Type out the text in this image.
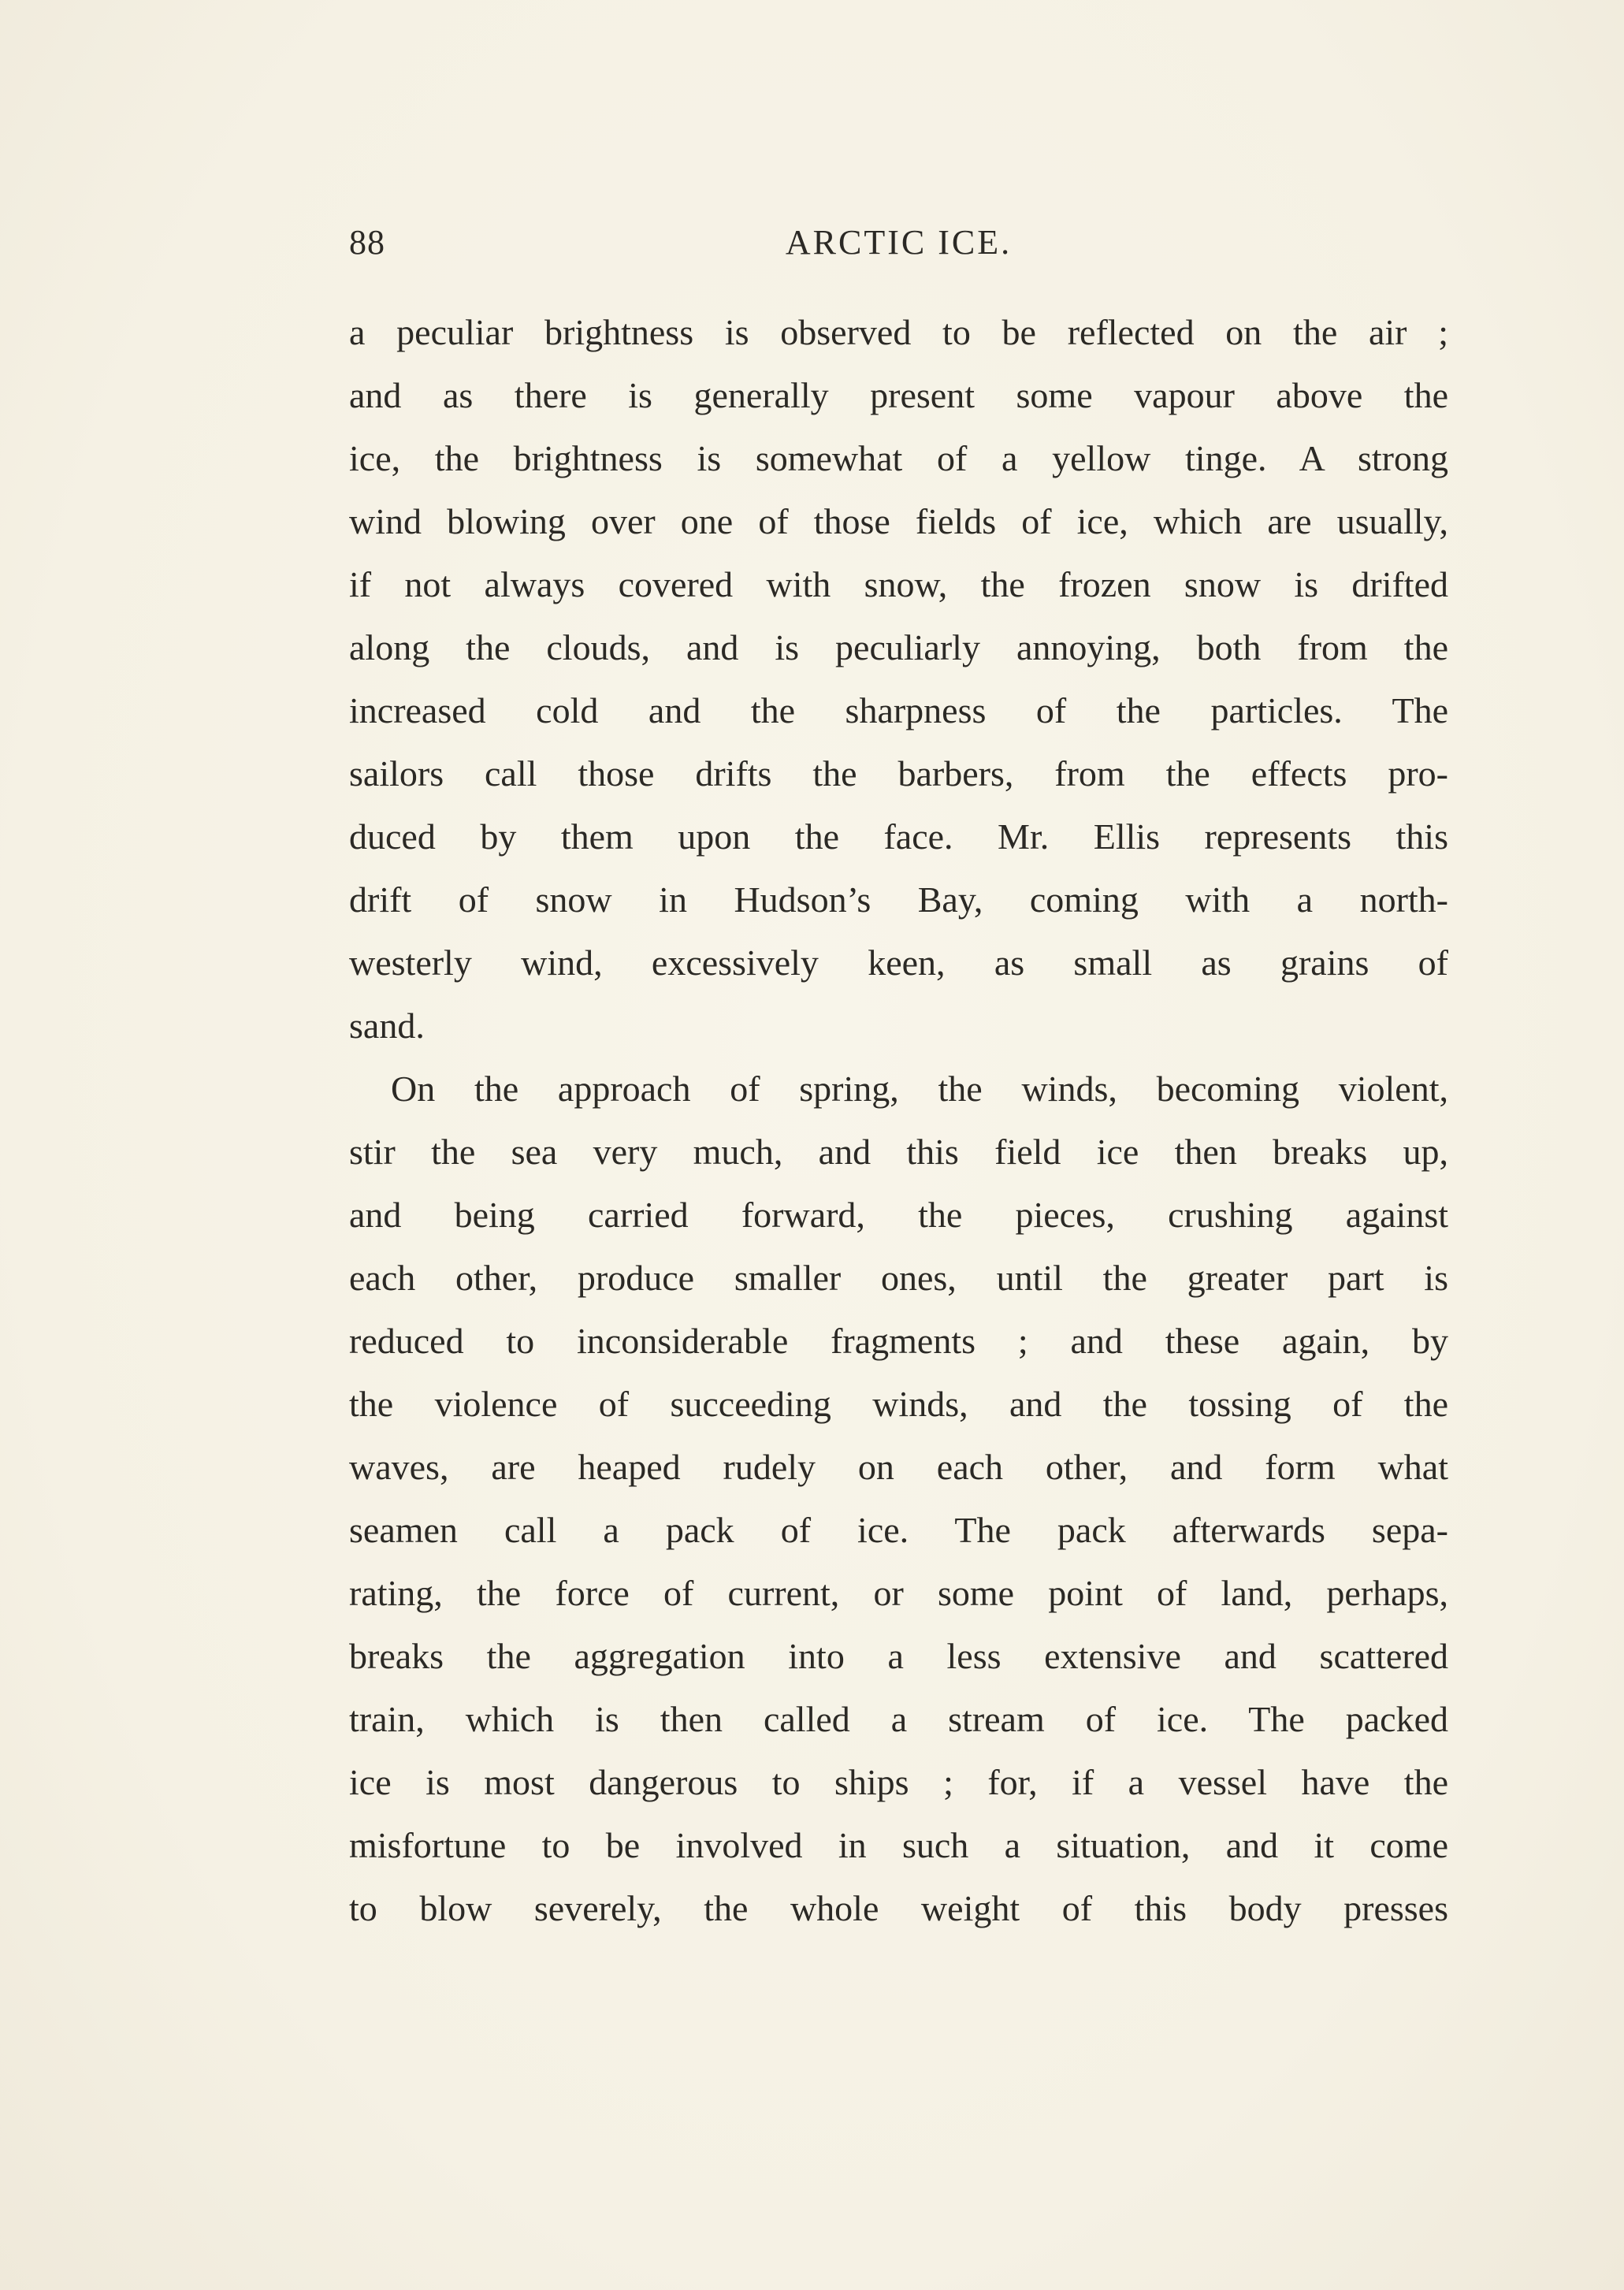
88	ARCTIC ICE.
a peculiar brightness is observed to be reflected on the air ;
and as there is generally present some vapour above the
ice, the brightness is somewhat of a yellow tinge. A strong
wind blowing over one of those fields of ice, which are usually,
if not always covered with snow, the frozen snow is drifted
along the clouds, and is peculiarly annoying, both from the
increased cold and the sharpness of the particles. The
sailors call those drifts the barbers, from the effects pro-
duced by them upon the face. Mr. Ellis represents this
drift of snow in Hudson’s Bay, coming with a north-
westerly wind, excessively keen, as small as grains of
sand.
On the approach of spring, the winds, becoming violent,
stir the sea very much, and this field ice then breaks up,
and being carried forward, the pieces, crushing against
each other, produce smaller ones, until the greater part is
reduced to inconsiderable fragments ; and these again, by
the violence of succeeding winds, and the tossing of the
waves, are heaped rudely on each other, and form what
seamen call a pack of ice. The pack afterwards sepa-
rating, the force of current, or some point of land, perhaps,
breaks the aggregation into a less extensive and scattered
train, which is then called a stream of ice. The packed
ice is most dangerous to ships ; for, if a vessel have the
misfortune to be involved in such a situation, and it come
to blow severely, the whole weight of this body presses
